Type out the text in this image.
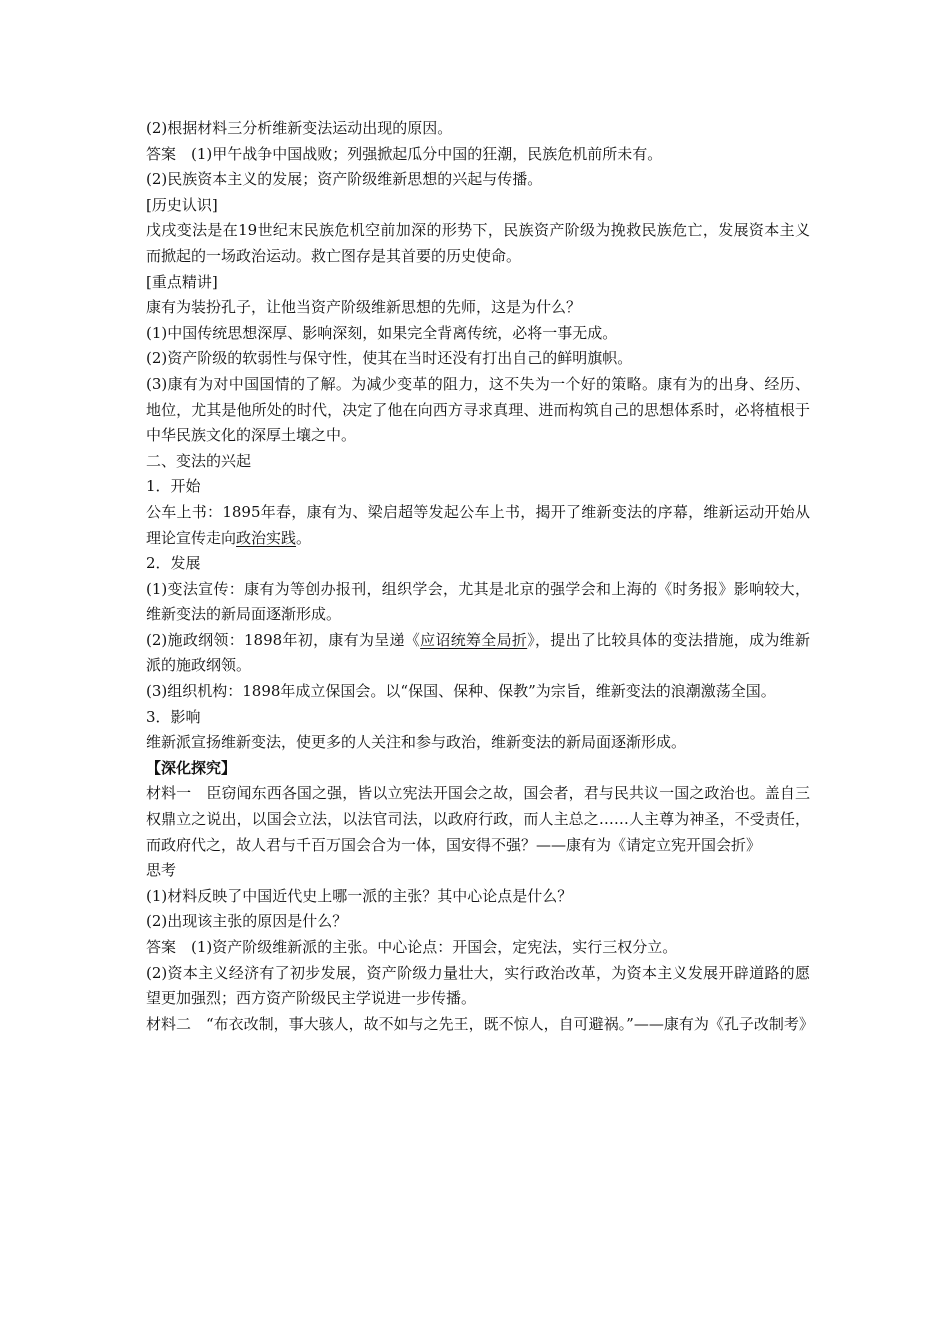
(2)根据材料三分析维新变法运动出现的原因。

答案　(1)甲午战争中国战败；列强掀起瓜分中国的狂潮，民族危机前所未有。

(2)民族资本主义的发展；资产阶级维新思想的兴起与传播。

[历史认识]

戊戌变法是在19世纪末民族危机空前加深的形势下，民族资产阶级为挽救民族危亡，发展资本主义而掀起的一场政治运动。救亡图存是其首要的历史使命。

[重点精讲]

康有为装扮孔子，让他当资产阶级维新思想的先师，这是为什么？

(1)中国传统思想深厚、影响深刻，如果完全背离传统，必将一事无成。

(2)资产阶级的软弱性与保守性，使其在当时还没有打出自己的鲜明旗帜。

(3)康有为对中国国情的了解。为减少变革的阻力，这不失为一个好的策略。康有为的出身、经历、地位，尤其是他所处的时代，决定了他在向西方寻求真理、进而构筑自己的思想体系时，必将植根于中华民族文化的深厚土壤之中。

二、变法的兴起

1．开始

公车上书：1895年春，康有为、梁启超等发起公车上书，揭开了维新变法的序幕，维新运动开始从理论宣传走向政治实践。

2．发展

(1)变法宣传：康有为等创办报刊，组织学会，尤其是北京的强学会和上海的《时务报》影响较大，维新变法的新局面逐渐形成。

(2)施政纲领：1898年初，康有为呈递《应诏统筹全局折》，提出了比较具体的变法措施，成为维新派的施政纲领。

(3)组织机构：1898年成立保国会。以“保国、保种、保教”为宗旨，维新变法的浪潮激荡全国。

3．影响

维新派宣扬维新变法，使更多的人关注和参与政治，维新变法的新局面逐渐形成。

【深化探究】

材料一　臣窃闻东西各国之强，皆以立宪法开国会之故，国会者，君与民共议一国之政治也。盖自三权鼎立之说出，以国会立法，以法官司法，以政府行政，而人主总之……人主尊为神圣，不受责任，而政府代之，故人君与千百万国会合为一体，国安得不强？——康有为《请定立宪开国会折》

思考

(1)材料反映了中国近代史上哪一派的主张？其中心论点是什么？

(2)出现该主张的原因是什么？

答案　(1)资产阶级维新派的主张。中心论点：开国会，定宪法，实行三权分立。

(2)资本主义经济有了初步发展，资产阶级力量壮大，实行政治改革，为资本主义发展开辟道路的愿望更加强烈；西方资产阶级民主学说进一步传播。

材料二　“布衣改制，事大骇人，故不如与之先王，既不惊人，自可避祸。”——康有为《孔子改制考》
